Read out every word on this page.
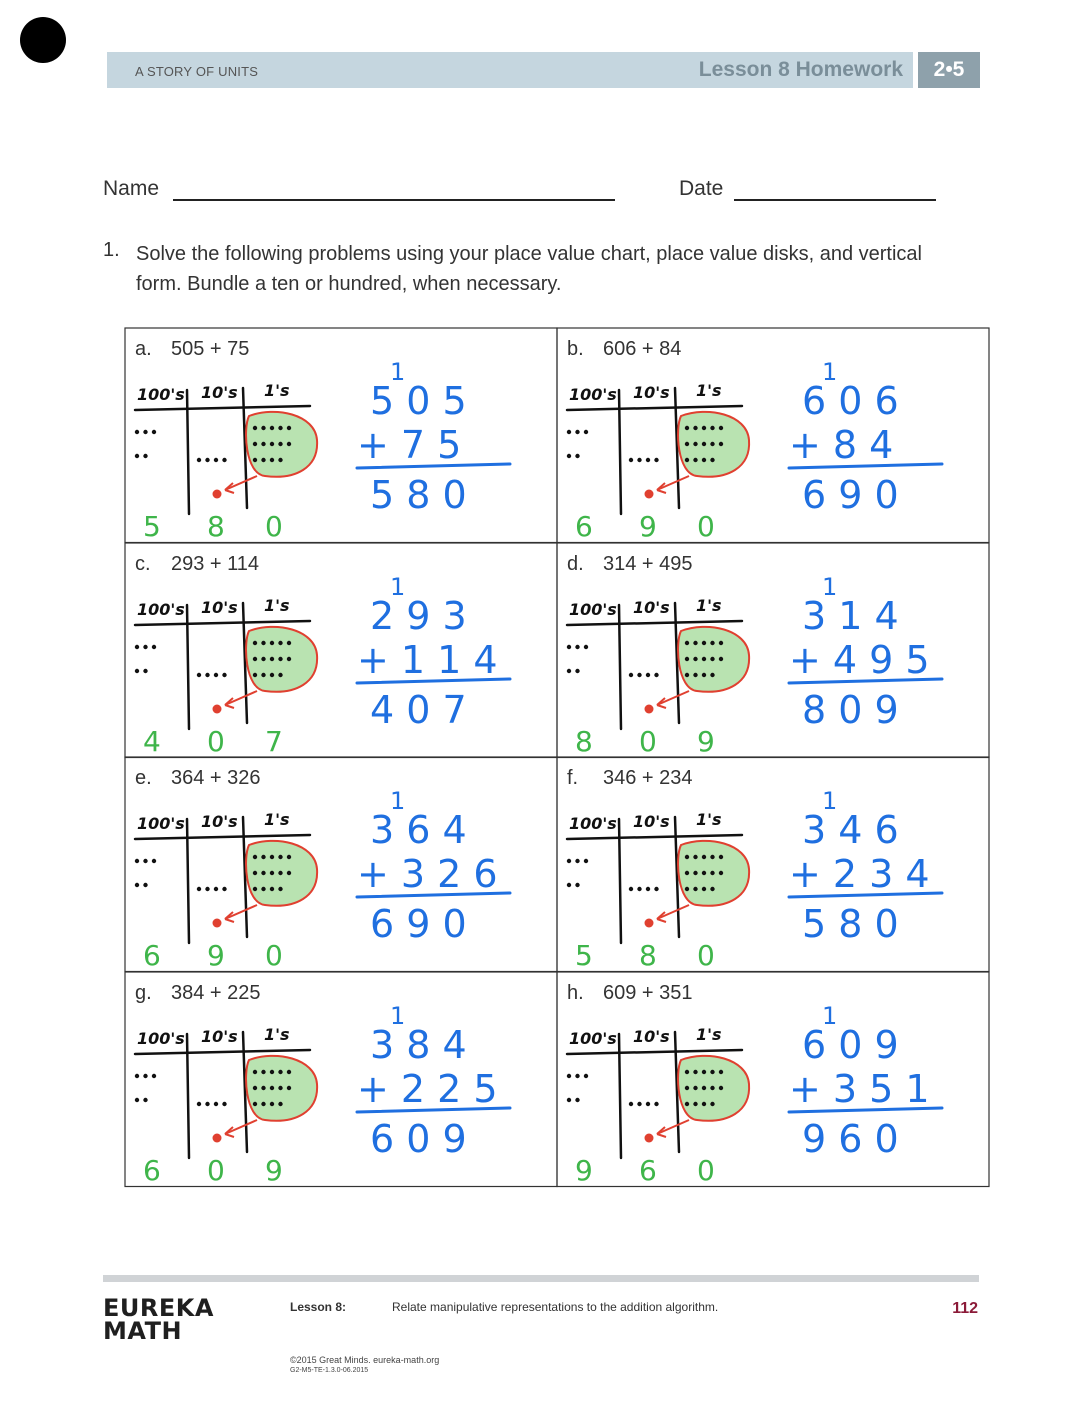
A STORY OF UNITS	Lesson 8 Homework	2•5
Name	Date
1. Solve the following problems using your place value chart, place value disks, and vertical form. Bundle a ten or hundred, when necessary.
100's 10's 1's
5 8 0
1
5 0 5
+ 7 5
5 8 0
a. 505 + 75
100's 10's 1's
6 9 0
1
6 0 6
+ 8 4
6 9 0
b. 606 + 84
100's 10's 1's
4 0 7
1
2 9 3
+ 1 1 4
4 0 7
c. 293 + 114
100's 10's 1's
8 0 9
1
3 1 4
+ 4 9 5
8 0 9
d. 314 + 495
100's 10's 1's
6 9 0
1
3 6 4
+ 3 2 6
6 9 0
e. 364 + 326
100's 10's 1's
5 8 0
1
3 4 6
+ 2 3 4
5 8 0
f. 346 + 234
100's 10's 1's
6 0 9
1
3 8 4
+ 2 2 5
6 0 9
g. 384 + 225
100's 10's 1's
9 6 0
1
6 0 9
+ 3 5 1
9 6 0
h. 609 + 351
EUREKA
MATH
Lesson 8:	Relate manipulative representations to the addition algorithm.	112
©2015 Great Minds. eureka-math.org
G2-M5-TE-1.3.0-06.2015
